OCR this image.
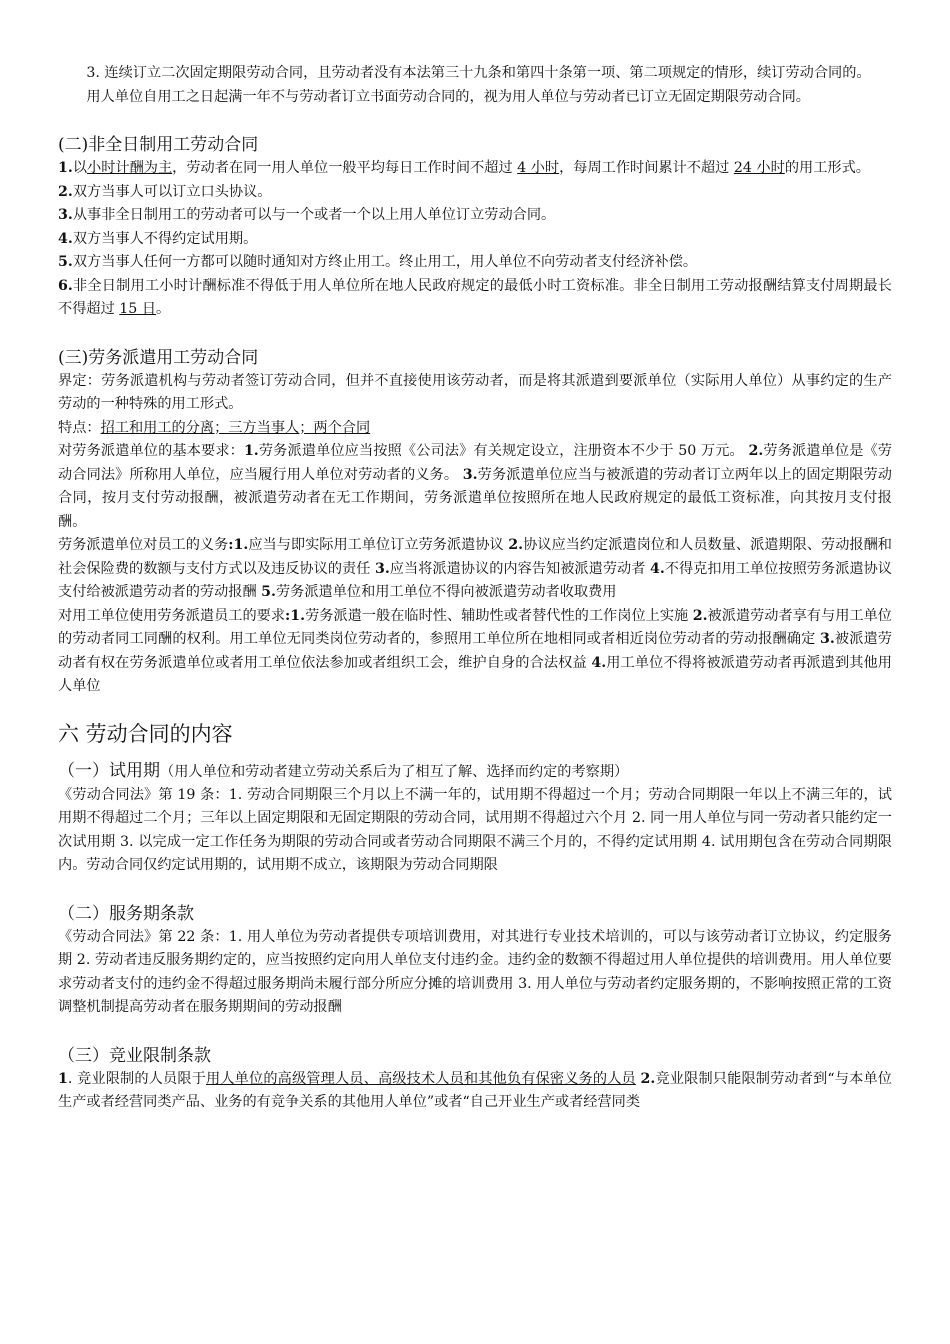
3. 连续订立二次固定期限劳动合同，且劳动者没有本法第三十九条和第四十条第一项、第二项规定的情形，续订劳动合同的。

用人单位自用工之日起满一年不与劳动者订立书面劳动合同的，视为用人单位与劳动者已订立无固定期限劳动合同。

(二)非全日制用工劳动合同

1.以小时计酬为主，劳动者在同一用人单位一般平均每日工作时间不超过 4 小时，每周工作时间累计不超过 24 小时的用工形式。

2.双方当事人可以订立口头协议。

3.从事非全日制用工的劳动者可以与一个或者一个以上用人单位订立劳动合同。

4.双方当事人不得约定试用期。

5.双方当事人任何一方都可以随时通知对方终止用工。终止用工，用人单位不向劳动者支付经济补偿。

6.非全日制用工小时计酬标准不得低于用人单位所在地人民政府规定的最低小时工资标准。非全日制用工劳动报酬结算支付周期最长不得超过 15 日。

(三)劳务派遣用工劳动合同

界定：劳务派遣机构与劳动者签订劳动合同，但并不直接使用该劳动者，而是将其派遣到要派单位（实际用人单位）从事约定的生产劳动的一种特殊的用工形式。

特点：招工和用工的分离；三方当事人；两个合同

对劳务派遣单位的基本要求：1.劳务派遣单位应当按照《公司法》有关规定设立，注册资本不少于 50 万元。 2.劳务派遣单位是《劳动合同法》所称用人单位，应当履行用人单位对劳动者的义务。 3.劳务派遣单位应当与被派遣的劳动者订立两年以上的固定期限劳动合同，按月支付劳动报酬，被派遣劳动者在无工作期间，劳务派遣单位按照所在地人民政府规定的最低工资标准，向其按月支付报酬。

劳务派遣单位对员工的义务:1.应当与即实际用工单位订立劳务派遣协议 2.协议应当约定派遣岗位和人员数量、派遣期限、劳动报酬和社会保险费的数额与支付方式以及违反协议的责任 3.应当将派遣协议的内容告知被派遣劳动者 4.不得克扣用工单位按照劳务派遣协议支付给被派遣劳动者的劳动报酬 5.劳务派遣单位和用工单位不得向被派遣劳动者收取费用

对用工单位使用劳务派遣员工的要求:1.劳务派遣一般在临时性、辅助性或者替代性的工作岗位上实施 2.被派遣劳动者享有与用工单位的劳动者同工同酬的权利。用工单位无同类岗位劳动者的，参照用工单位所在地相同或者相近岗位劳动者的劳动报酬确定 3.被派遣劳动者有权在劳务派遣单位或者用工单位依法参加或者组织工会，维护自身的合法权益 4.用工单位不得将被派遣劳动者再派遣到其他用人单位

六 劳动合同的内容

（一）试用期（用人单位和劳动者建立劳动关系后为了相互了解、选择而约定的考察期）

《劳动合同法》第 19 条：1. 劳动合同期限三个月以上不满一年的，试用期不得超过一个月；劳动合同期限一年以上不满三年的，试用期不得超过二个月；三年以上固定期限和无固定期限的劳动合同，试用期不得超过六个月 2. 同一用人单位与同一劳动者只能约定一次试用期 3. 以完成一定工作任务为期限的劳动合同或者劳动合同期限不满三个月的，不得约定试用期 4. 试用期包含在劳动合同期限内。劳动合同仅约定试用期的，试用期不成立，该期限为劳动合同期限

（二）服务期条款

《劳动合同法》第 22 条：1. 用人单位为劳动者提供专项培训费用，对其进行专业技术培训的，可以与该劳动者订立协议，约定服务期 2. 劳动者违反服务期约定的，应当按照约定向用人单位支付违约金。违约金的数额不得超过用人单位提供的培训费用。用人单位要求劳动者支付的违约金不得超过服务期尚未履行部分所应分摊的培训费用 3. 用人单位与劳动者约定服务期的，不影响按照正常的工资调整机制提高劳动者在服务期期间的劳动报酬

（三）竞业限制条款

1. 竞业限制的人员限于用人单位的高级管理人员、高级技术人员和其他负有保密义务的人员 2.竞业限制只能限制劳动者到“与本单位生产或者经营同类产品、业务的有竞争关系的其他用人单位”或者“自己开业生产或者经营同类
